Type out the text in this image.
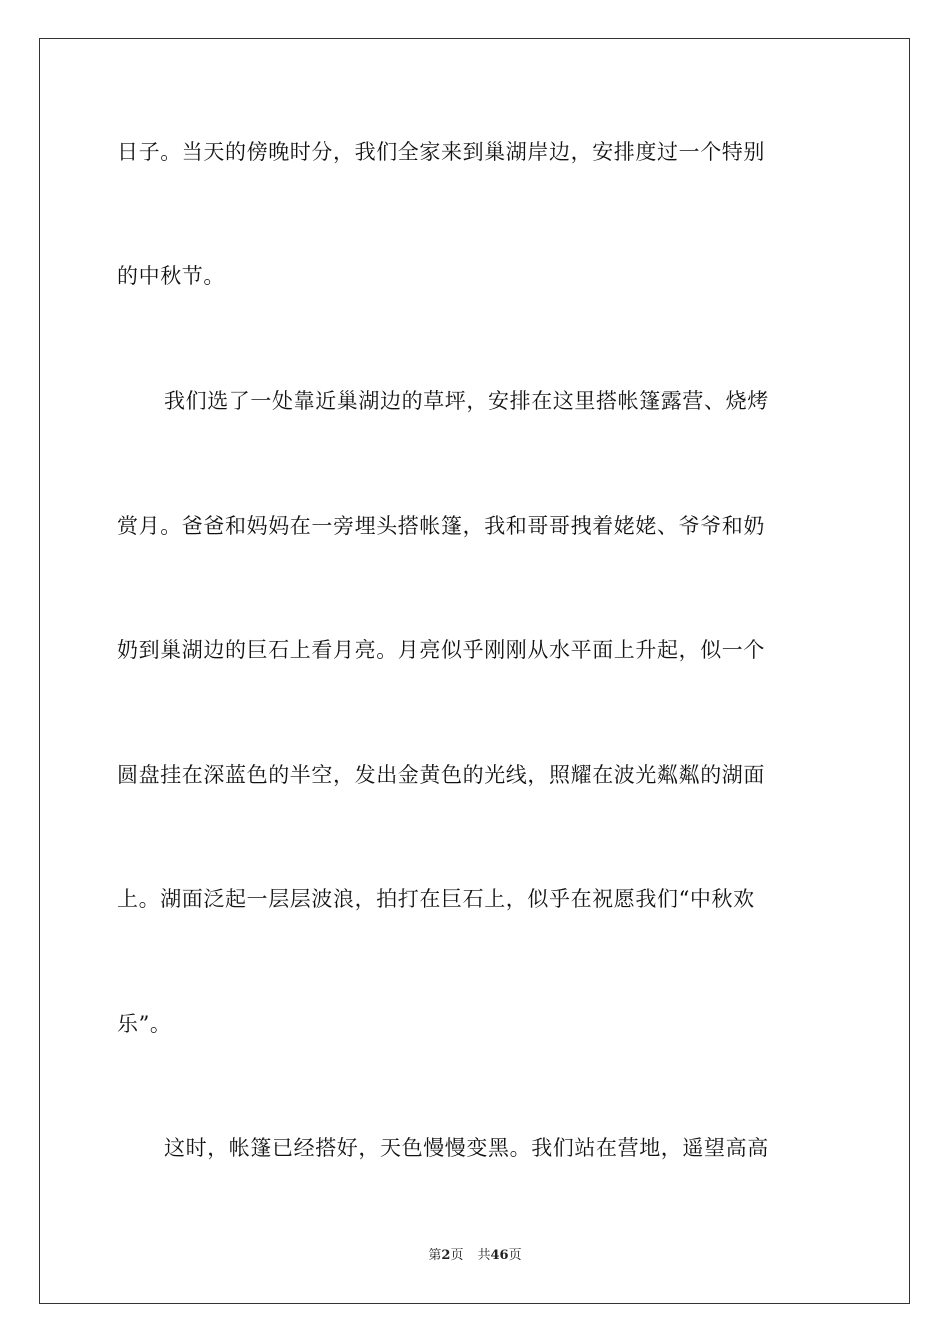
日子。当天的傍晚时分，我们全家来到巢湖岸边，安排度过一个特别
的中秋节。
我们选了一处靠近巢湖边的草坪，安排在这里搭帐篷露营、烧烤
赏月。爸爸和妈妈在一旁埋头搭帐篷，我和哥哥拽着姥姥、爷爷和奶
奶到巢湖边的巨石上看月亮。月亮似乎刚刚从水平面上升起，似一个
圆盘挂在深蓝色的半空，发出金黄色的光线，照耀在波光粼粼的湖面
上。湖面泛起一层层波浪，拍打在巨石上，似乎在祝愿我们“中秋欢
乐”。
这时，帐篷已经搭好，天色慢慢变黑。我们站在营地，遥望高高
第2页 共46页
